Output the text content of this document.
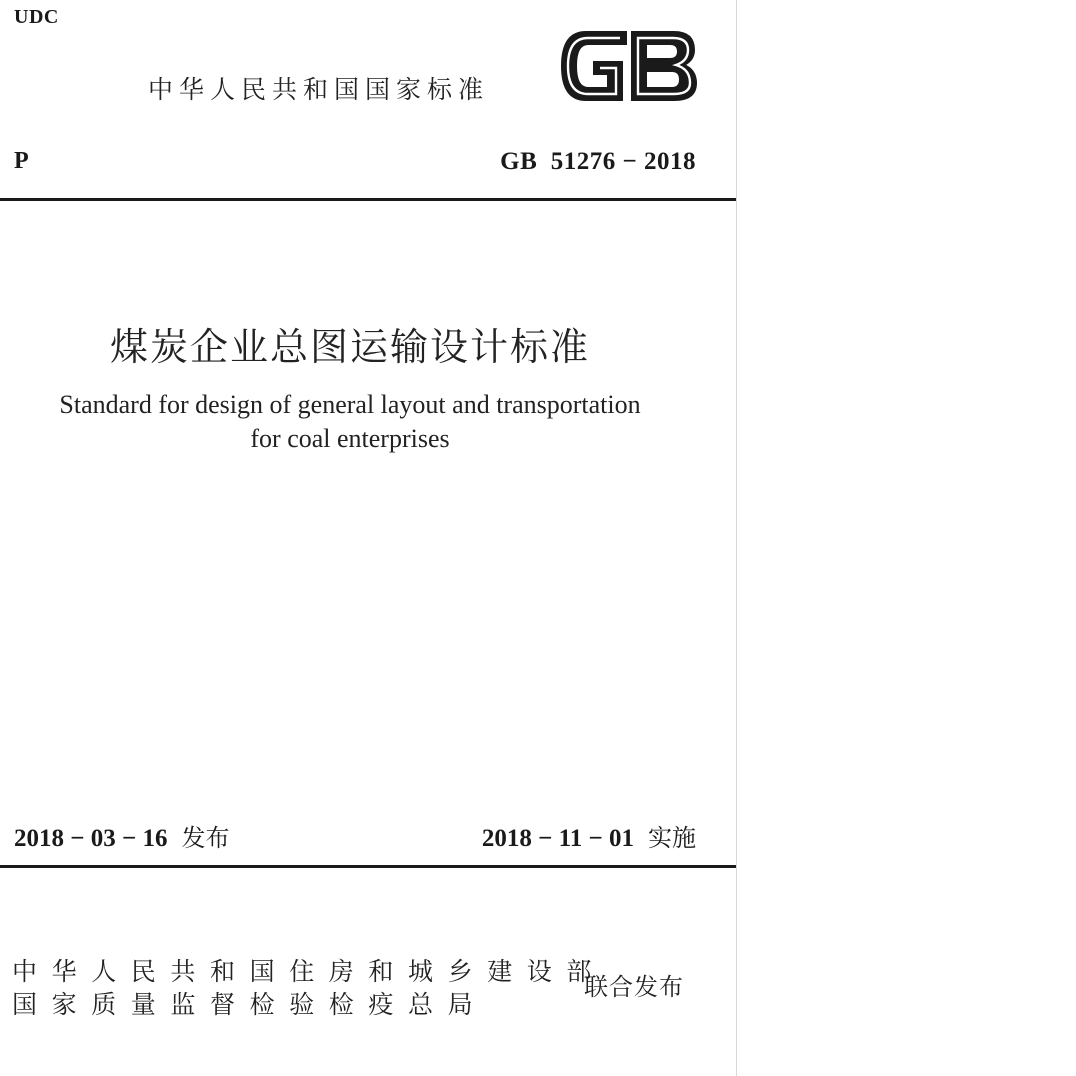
UDC
中华人民共和国国家标准
P	GB  51276 − 2018
煤炭企业总图运输设计标准
Standard for design of general layout and transportation
for coal enterprises
2018 − 03 − 16 发布	2018 − 11 − 01 实施
中华人民共和国住房和城乡建设部
国家质量监督检验检疫总局
联合发布
